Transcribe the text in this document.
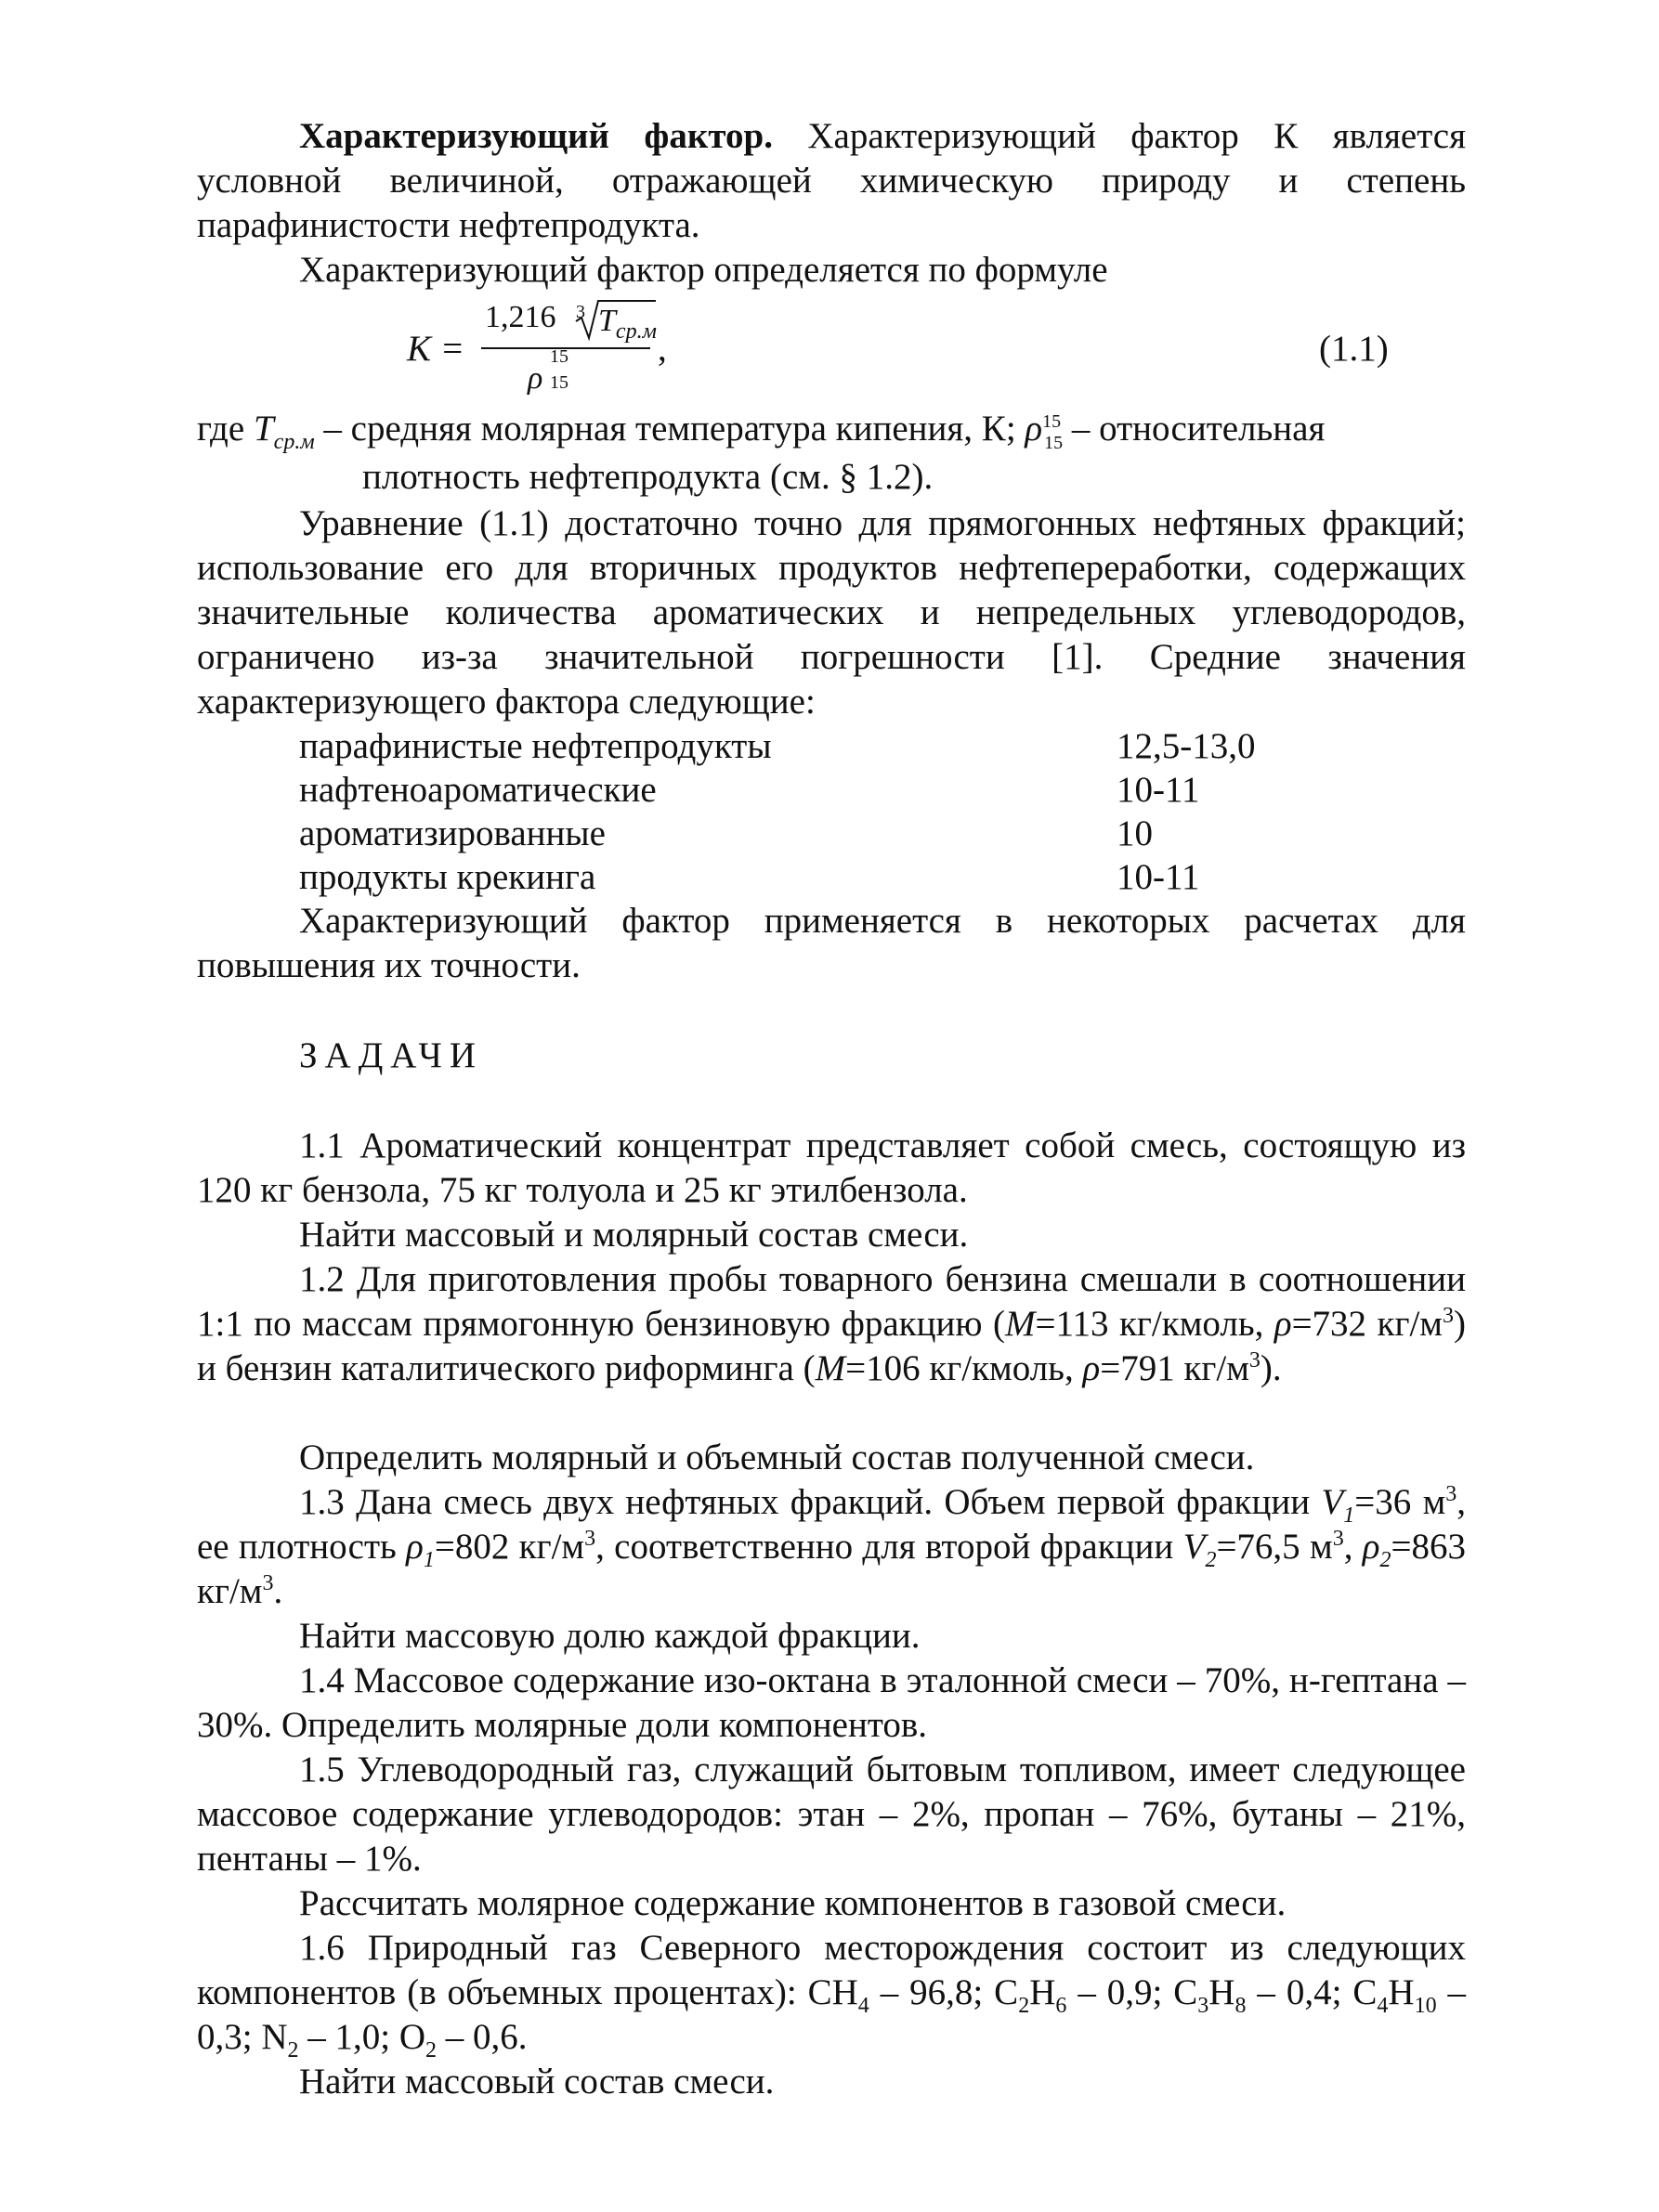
Характеризующий фактор. Характеризующий фактор К является условной величиной, отражающей химическую природу и степень парафинистости нефтепродукта.
Характеризующий фактор определяется по формуле
K =
1,216 3 $T_{ср.м}$
ρ
15
15
,	(1.1)
где $T_{ср.м}$ – средняя молярная температура кипения, К; $\rho^{15}_{15}$ – относительная
плотность нефтепродукта (см. § 1.2).
Уравнение (1.1) достаточно точно для прямогонных нефтяных фракций; использование его для вторичных продуктов нефтепереработки, содержащих значительные количества ароматических и непредельных углеводородов, ограничено из-за значительной погрешности [1]. Средние значения характеризующего фактора следующие:
парафинистые нефтепродукты	12,5-13,0
нафтеноароматические	10-11
ароматизированные	10
продукты крекинга	10-11
Характеризующий фактор применяется в некоторых расчетах для повышения их точности.
ЗАДАЧИ
1.1 Ароматический концентрат представляет собой смесь, состоящую из 120 кг бензола, 75 кг толуола и 25 кг этилбензола.
Найти массовый и молярный состав смеси.
1.2 Для приготовления пробы товарного бензина смешали в соотношении 1:1 по массам прямогонную бензиновую фракцию (М=113 кг/кмоль, ρ=732 $кг/м^3$) и бензин каталитического риформинга (М=106 кг/кмоль, ρ=791 $кг/м^3$).
Определить молярный и объемный состав полученной смеси.
1.3 Дана смесь двух нефтяных фракций. Объем первой фракции $V_1=36$ $м^3$, ее плотность $\rho_1=802$ $кг/м^3$, соответственно для второй фракции $V_2=76,5$ $м^3$, $\rho_2=863$ $кг/м^3$.
Найти массовую долю каждой фракции.
1.4 Массовое содержание изо-октана в эталонной смеси – 70%, н-гептана – 30%. Определить молярные доли компонентов.
1.5 Углеводородный газ, служащий бытовым топливом, имеет следующее массовое содержание углеводородов: этан – 2%, пропан – 76%, бутаны – 21%, пентаны – 1%.
Рассчитать молярное содержание компонентов в газовой смеси.
1.6 Природный газ Северного месторождения состоит из следующих компонентов (в объемных процентах): $СН_4 - 96,8$; $С_2Н_6 - 0,9$; $С_3Н_8 - 0,4$; $С_4Н_{10} - 0,3$; $N_2 - 1,0$; $О_2 - 0,6$.
Найти массовый состав смеси.
